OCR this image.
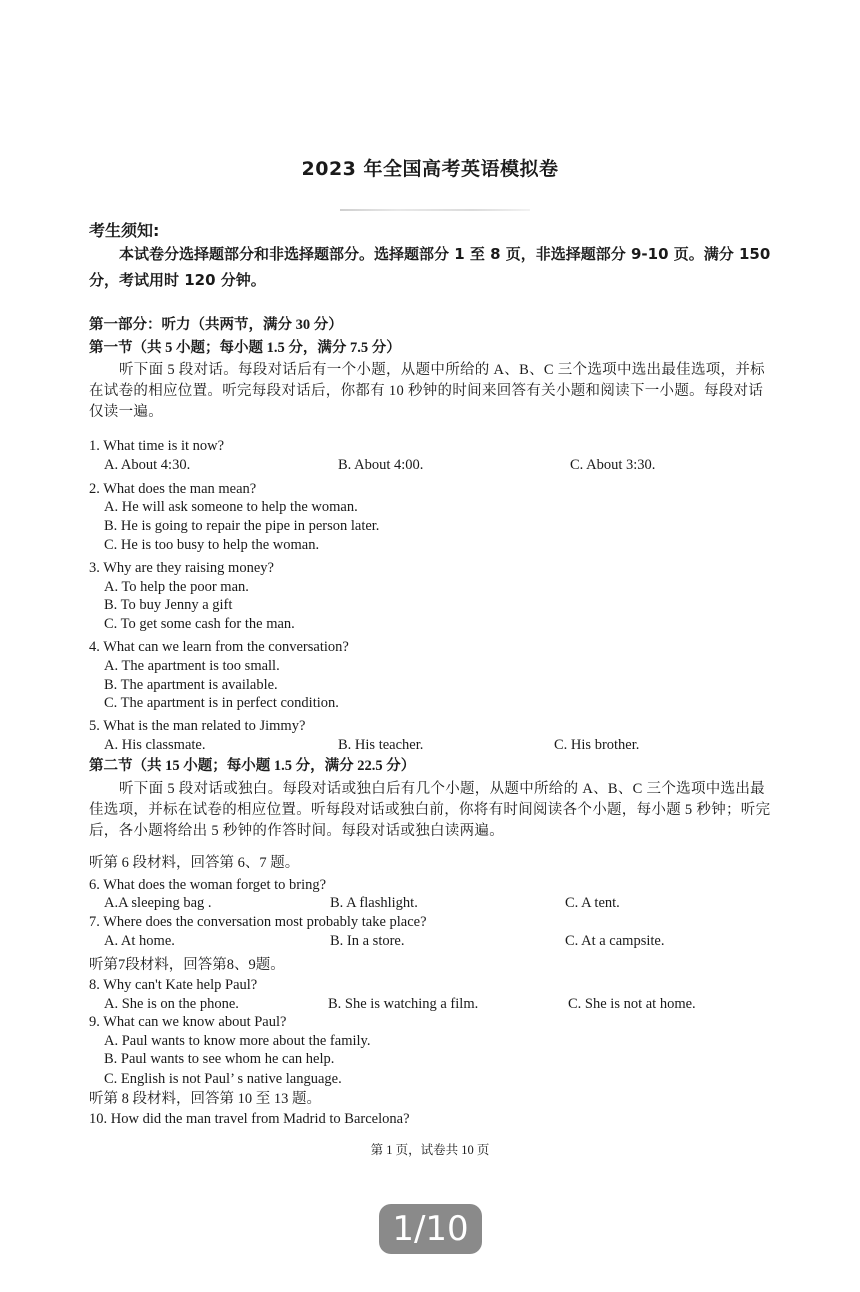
2023 年全国高考英语模拟卷
考生须知:
本试卷分选择题部分和非选择题部分。选择题部分 1 至 8 页，非选择题部分 9-10 页。满分 150 分，考试用时 120 分钟。
第一部分：听力（共两节，满分 30 分）
第一节（共 5 小题；每小题 1.5 分，满分 7.5 分）
听下面 5 段对话。每段对话后有一个小题，从题中所给的 A、B、C 三个选项中选出最佳选项，并标在试卷的相应位置。听完每段对话后，你都有 10 秒钟的时间来回答有关小题和阅读下一小题。每段对话仅读一遍。
1. What time is it now?
A. About 4:30.	B. About 4:00.	C. About 3:30.
2. What does the man mean?
A. He will ask someone to help the woman.
B. He is going to repair the pipe in person later.
C. He is too busy to help the woman.
3. Why are they raising money?
A. To help the poor man.
B. To buy Jenny a gift
C. To get some cash for the man.
4. What can we learn from the conversation?
A. The apartment is too small.
B. The apartment is available.
C. The apartment is in perfect condition.
5. What is the man related to Jimmy?
A. His classmate.	B. His teacher.	C. His brother.
第二节（共 15 小题；每小题 1.5 分，满分 22.5 分）
听下面 5 段对话或独白。每段对话或独白后有几个小题，从题中所给的 A、B、C 三个选项中选出最佳选项，并标在试卷的相应位置。听每段对话或独白前，你将有时间阅读各个小题，每小题 5 秒钟；听完后，各小题将给出 5 秒钟的作答时间。每段对话或独白读两遍。
听第 6 段材料，回答第 6、7 题。
6. What does the woman forget to bring?
A.A sleeping bag .	B. A flashlight.	C. A tent.
7. Where does the conversation most probably take place?
A. At home.	B. In a store.	C. At a campsite.
听第7段材料，回答第8、9题。
8. Why can't Kate help Paul?
A. She is on the phone.	B. She is watching a film.	C. She is not at home.
9. What can we know about Paul?
A. Paul wants to know more about the family.
B. Paul wants to see whom he can help.
C. English is not Paul’ s native language.
听第 8 段材料，回答第 10 至 13 题。
10. How did the man travel from Madrid to Barcelona?
第 1 页，试卷共 10 页
1/10
